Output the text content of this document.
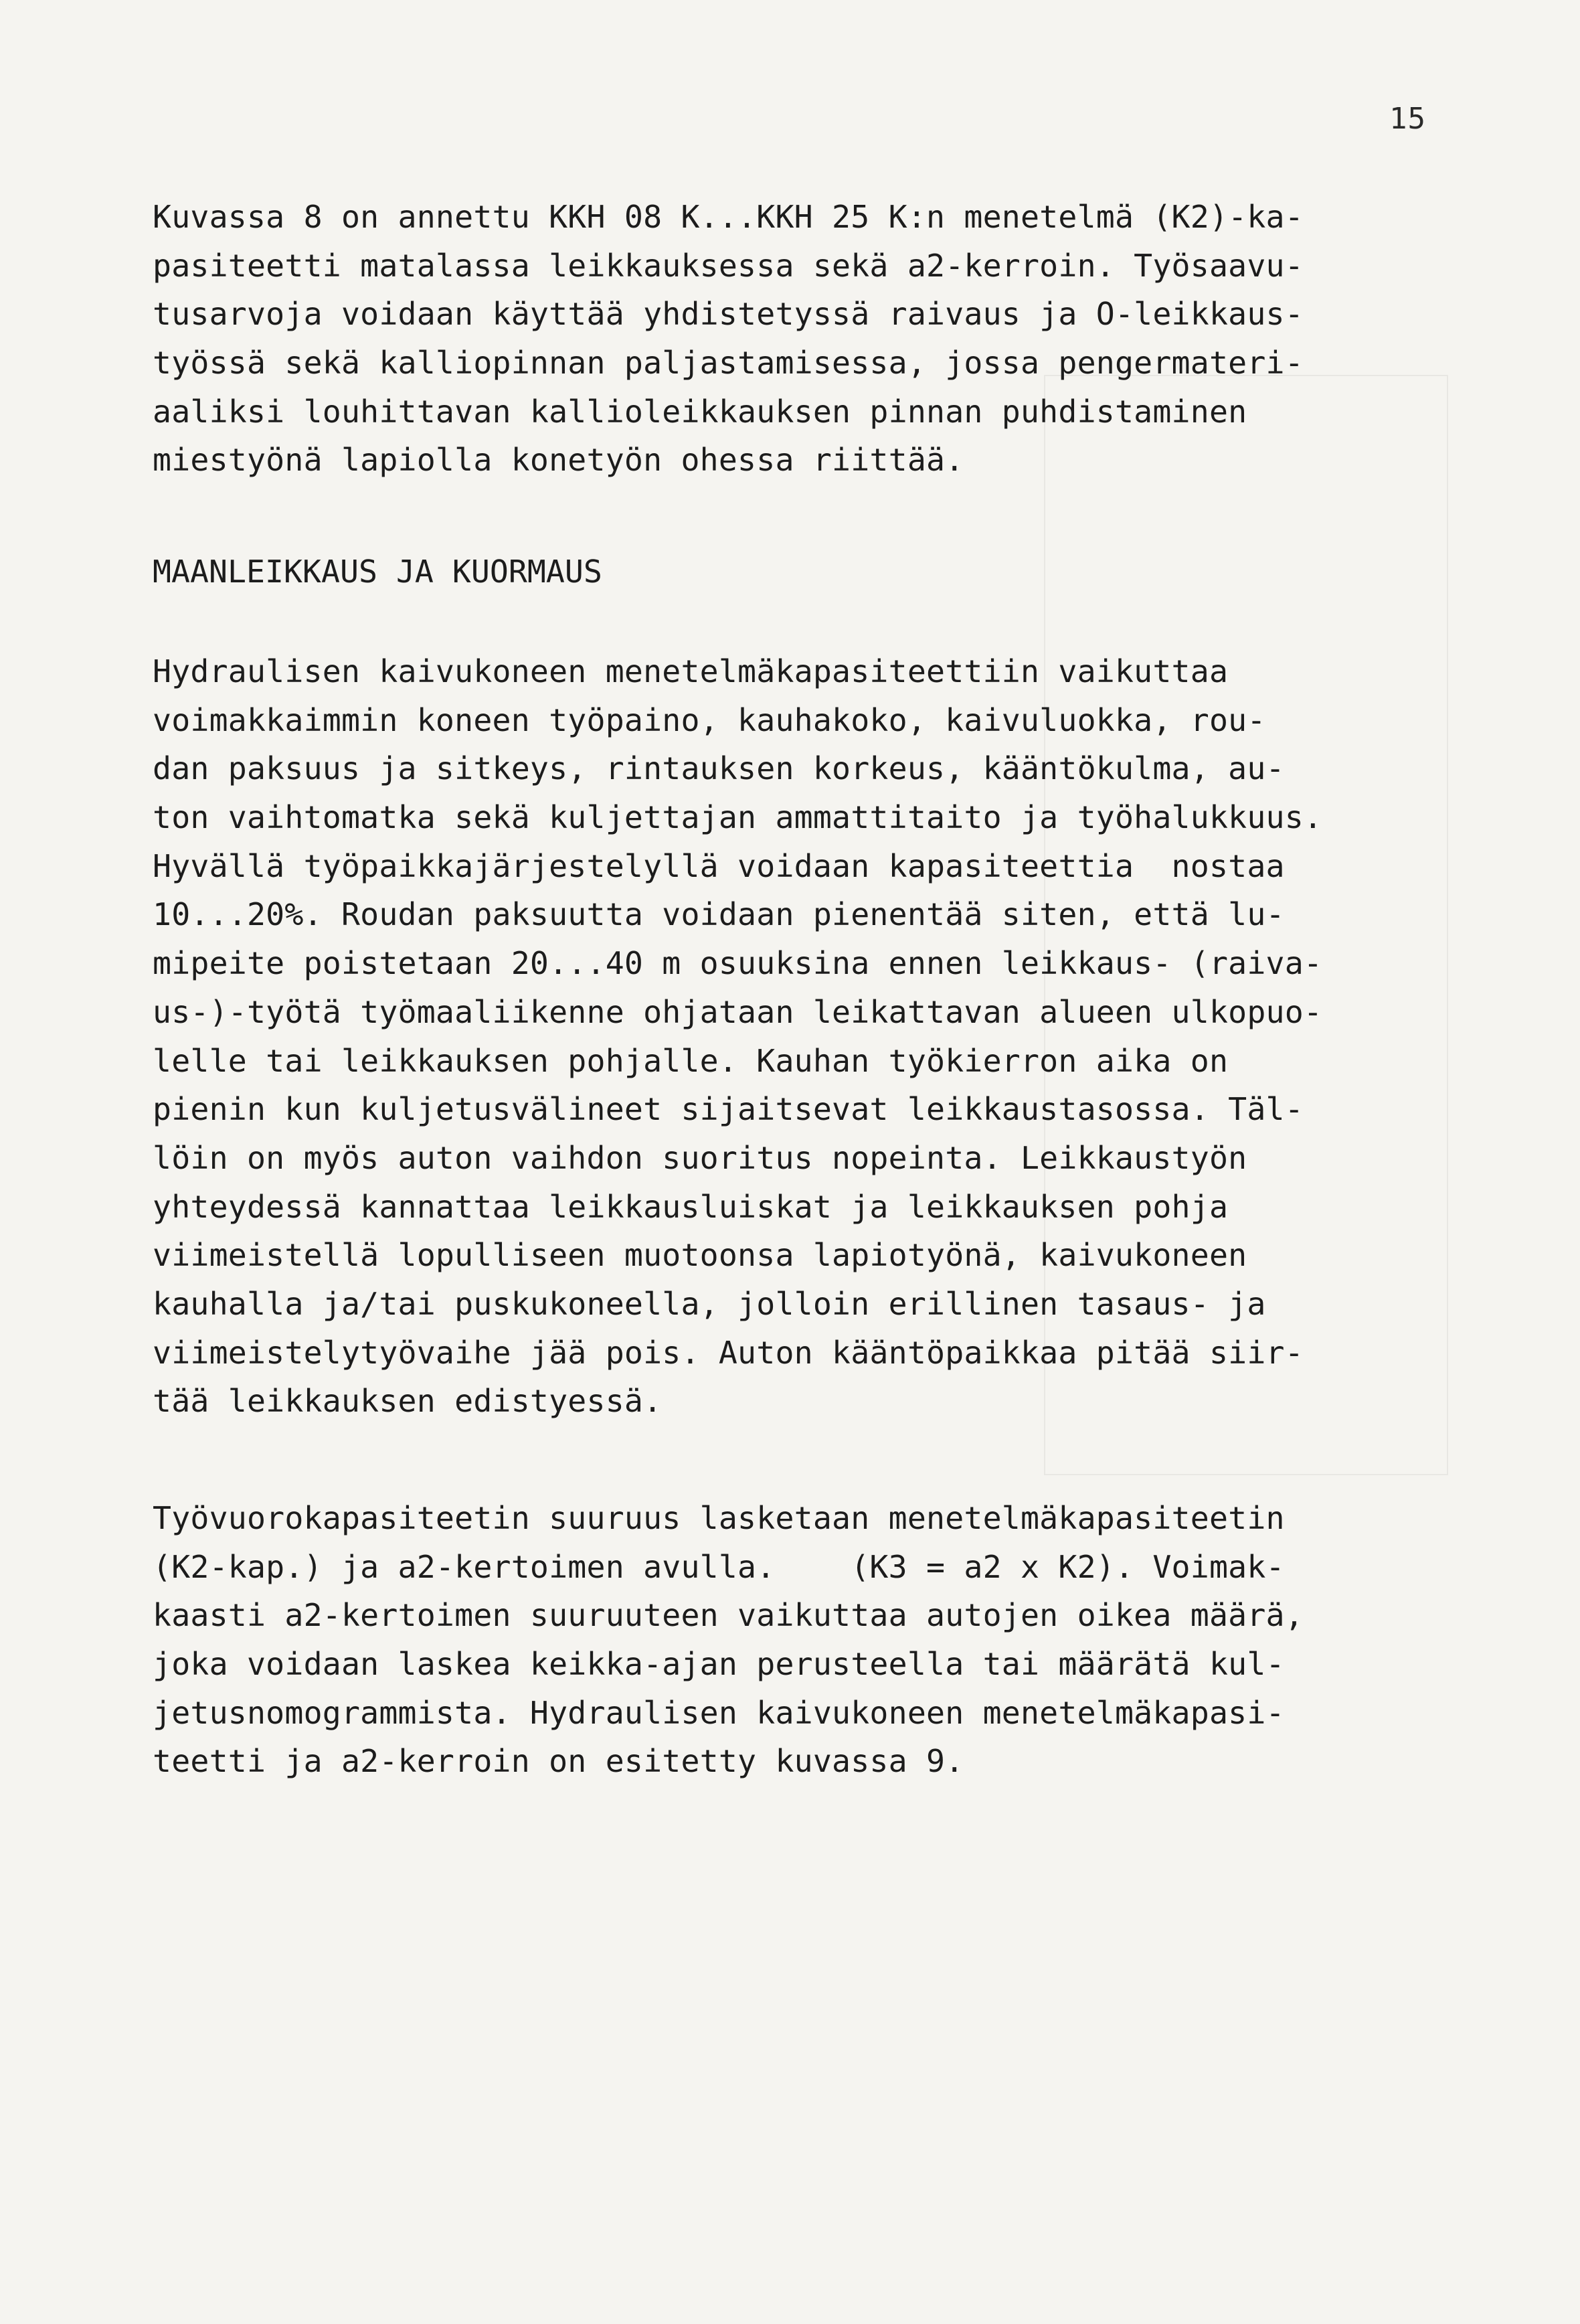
15
Kuvassa 8 on annettu KKH 08 K...KKH 25 K:n menetelmä (K2)-ka-
pasiteetti matalassa leikkauksessa sekä a2-kerroin. Työsaavu-
tusarvoja voidaan käyttää yhdistetyssä raivaus ja O-leikkaus-
työssä sekä kalliopinnan paljastamisessa, jossa pengermateri-
aaliksi louhittavan kallioleikkauksen pinnan puhdistaminen
miestyönä lapiolla konetyön ohessa riittää.
MAANLEIKKAUS JA KUORMAUS
Hydraulisen kaivukoneen menetelmäkapasiteettiin vaikuttaa
voimakkaimmin koneen työpaino, kauhakoko, kaivuluokka, rou-
dan paksuus ja sitkeys, rintauksen korkeus, kääntökulma, au-
ton vaihtomatka sekä kuljettajan ammattitaito ja työhalukkuus.
Hyvällä työpaikkajärjestelyllä voidaan kapasiteettia  nostaa
10...20%. Roudan paksuutta voidaan pienentää siten, että lu-
mipeite poistetaan 20...40 m osuuksina ennen leikkaus- (raiva-
us-)-työtä työmaaliikenne ohjataan leikattavan alueen ulkopuo-
lelle tai leikkauksen pohjalle. Kauhan työkierron aika on
pienin kun kuljetusvälineet sijaitsevat leikkaustasossa. Täl-
löin on myös auton vaihdon suoritus nopeinta. Leikkaustyön
yhteydessä kannattaa leikkausluiskat ja leikkauksen pohja
viimeistellä lopulliseen muotoonsa lapiotyönä, kaivukoneen
kauhalla ja/tai puskukoneella, jolloin erillinen tasaus- ja
viimeistelytyövaihe jää pois. Auton kääntöpaikkaa pitää siir-
tää leikkauksen edistyessä.
Työvuorokapasiteetin suuruus lasketaan menetelmäkapasiteetin
(K2-kap.) ja a2-kertoimen avulla.    (K3 = a2 x K2). Voimak-
kaasti a2-kertoimen suuruuteen vaikuttaa autojen oikea määrä,
joka voidaan laskea keikka-ajan perusteella tai määrätä kul-
jetusnomogrammista. Hydraulisen kaivukoneen menetelmäkapasi-
teetti ja a2-kerroin on esitetty kuvassa 9.
